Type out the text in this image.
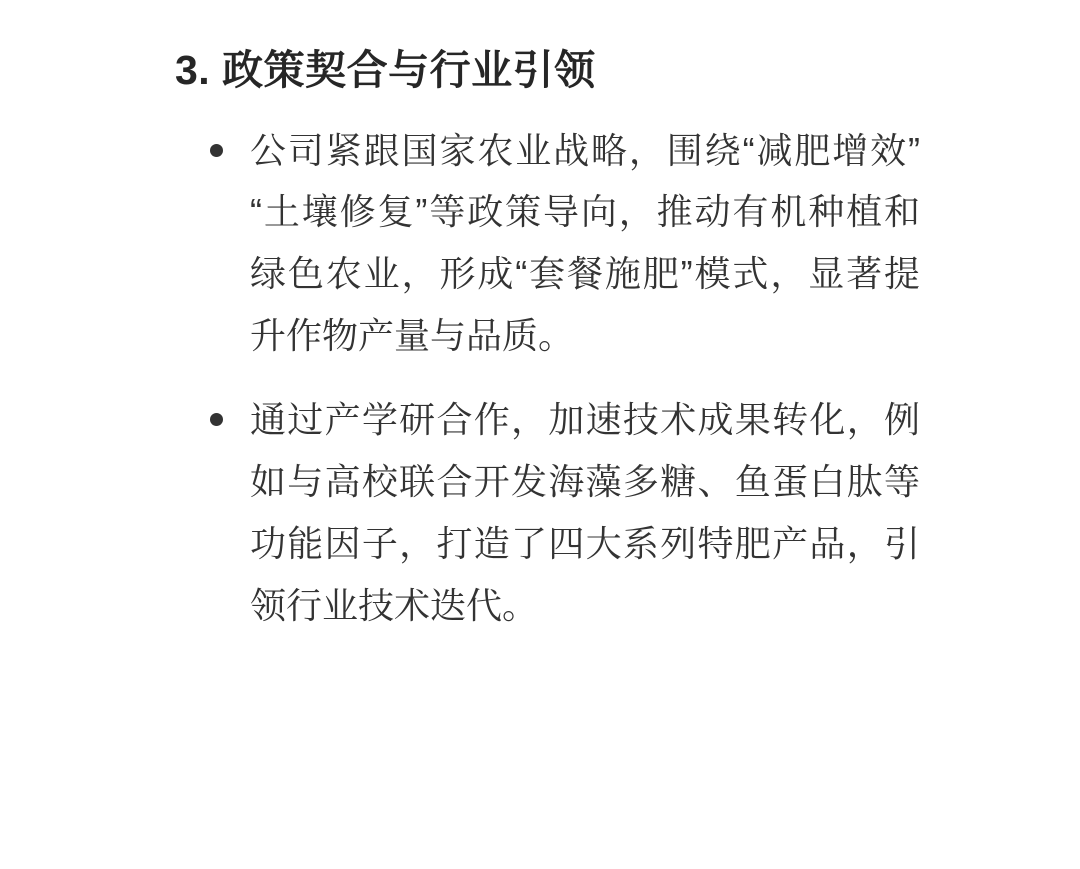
3. 政策契合与行业引领
公司紧跟国家农业战略，围绕“减肥增效”“土壤修复”等政策导向，推动有机种植和绿色农业，形成“套餐施肥”模式，显著提升作物产量与品质。
通过产学研合作，加速技术成果转化，例如与高校联合开发海藻多糖、鱼蛋白肽等功能因子，打造了四大系列特肥产品，引领行业技术迭代。
